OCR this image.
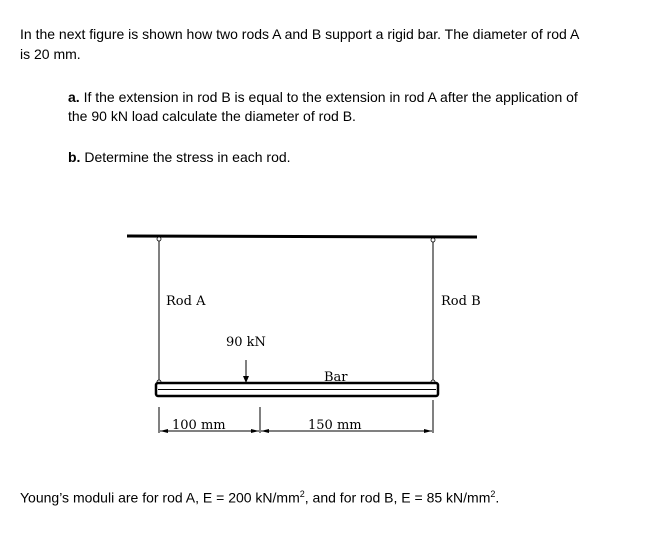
In the next figure is shown how two rods A and B support a rigid bar. The diameter of rod A
is 20 mm.
a. If the extension in rod B is equal to the extension in rod A after the application of
the 90 kN load calculate the diameter of rod B.
b. Determine the stress in each rod.
Rod A	Rod B
90 kN
Bar
100 mm	150 mm
Young’s moduli are for rod A, E = 200 $kN/mm^2$, and for rod B, E = 85 $kN/mm^2$.
